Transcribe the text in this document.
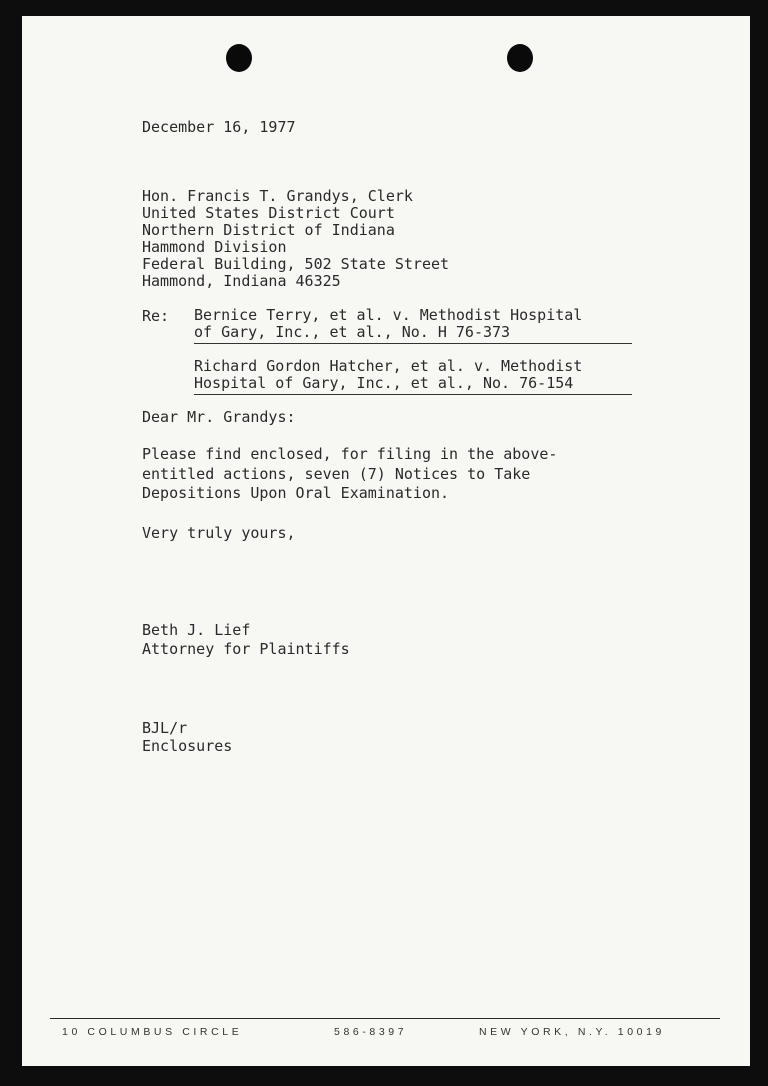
December 16, 1977
Hon. Francis T. Grandys, Clerk
United States District Court
Northern District of Indiana
Hammond Division
Federal Building, 502 State Street
Hammond, Indiana 46325
Re: Bernice Terry, et al. v. Methodist Hospital
of Gary, Inc., et al., No. H 76-373
Richard Gordon Hatcher, et al. v. Methodist
Hospital of Gary, Inc., et al., No. 76-154
Dear Mr. Grandys:
Please find enclosed, for filing in the above-
entitled actions, seven (7) Notices to Take
Depositions Upon Oral Examination.
Very truly yours,
Beth J. Lief
Attorney for Plaintiffs
BJL/r
Enclosures
10 COLUMBUS CIRCLE	586-8397	NEW YORK, N.Y. 10019
